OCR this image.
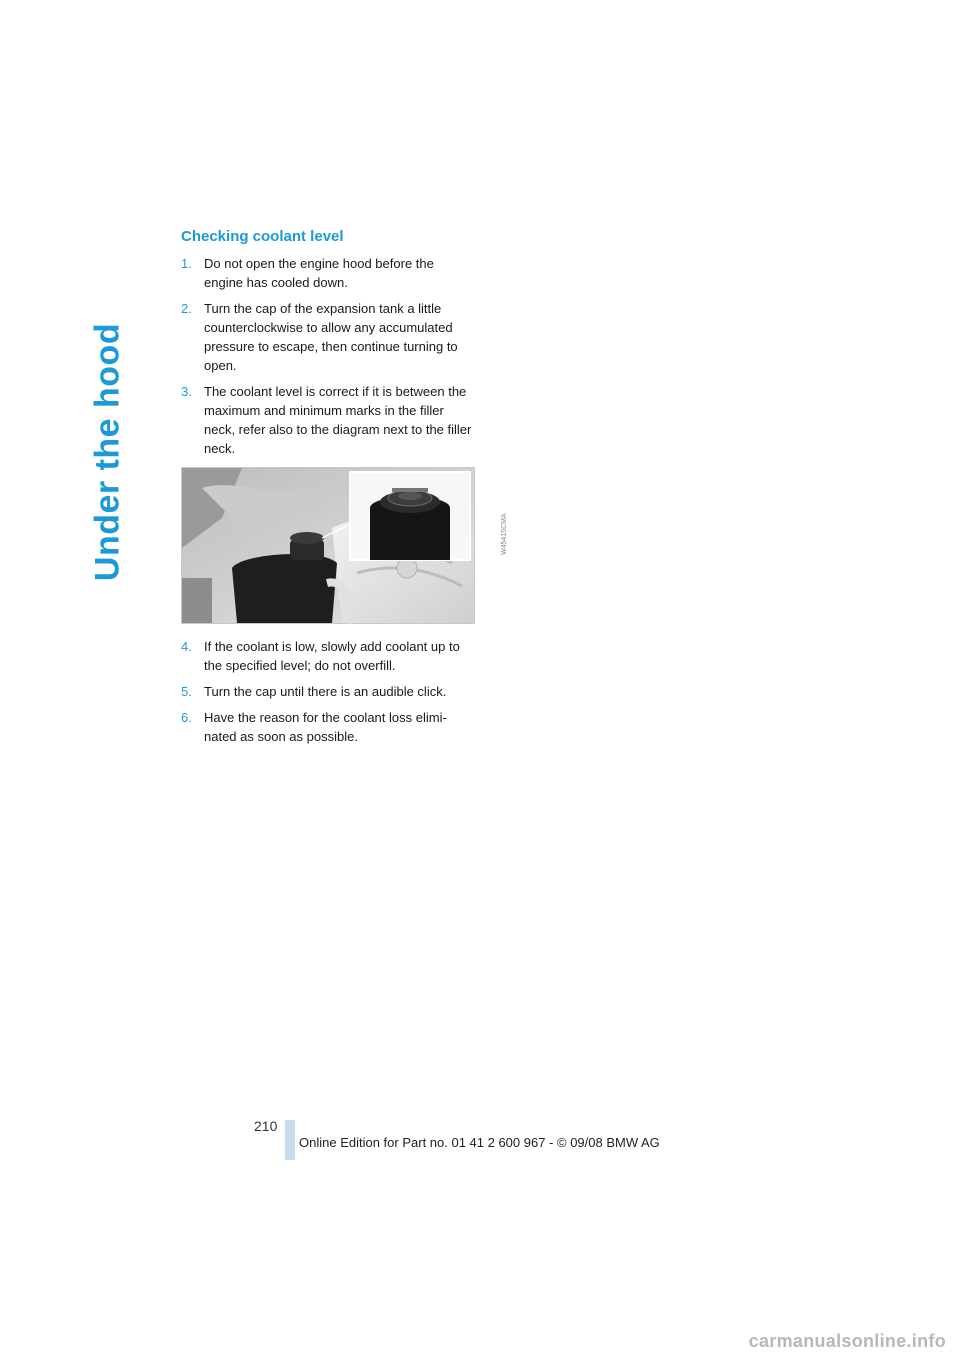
Under the hood
Checking coolant level
1. Do not open the engine hood before the engine has cooled down.
2. Turn the cap of the expansion tank a little counterclockwise to allow any accumulated pressure to escape, then continue turning to open.
3. The coolant level is correct if it is between the maximum and minimum marks in the filler neck, refer also to the diagram next to the filler neck.
W45415CMA
4. If the coolant is low, slowly add coolant up to the specified level; do not overfill.
5. Turn the cap until there is an audible click.
6. Have the reason for the coolant loss elimi-nated as soon as possible.
210
Online Edition for Part no. 01 41 2 600 967 - © 09/08 BMW AG
carmanualsonline.info
